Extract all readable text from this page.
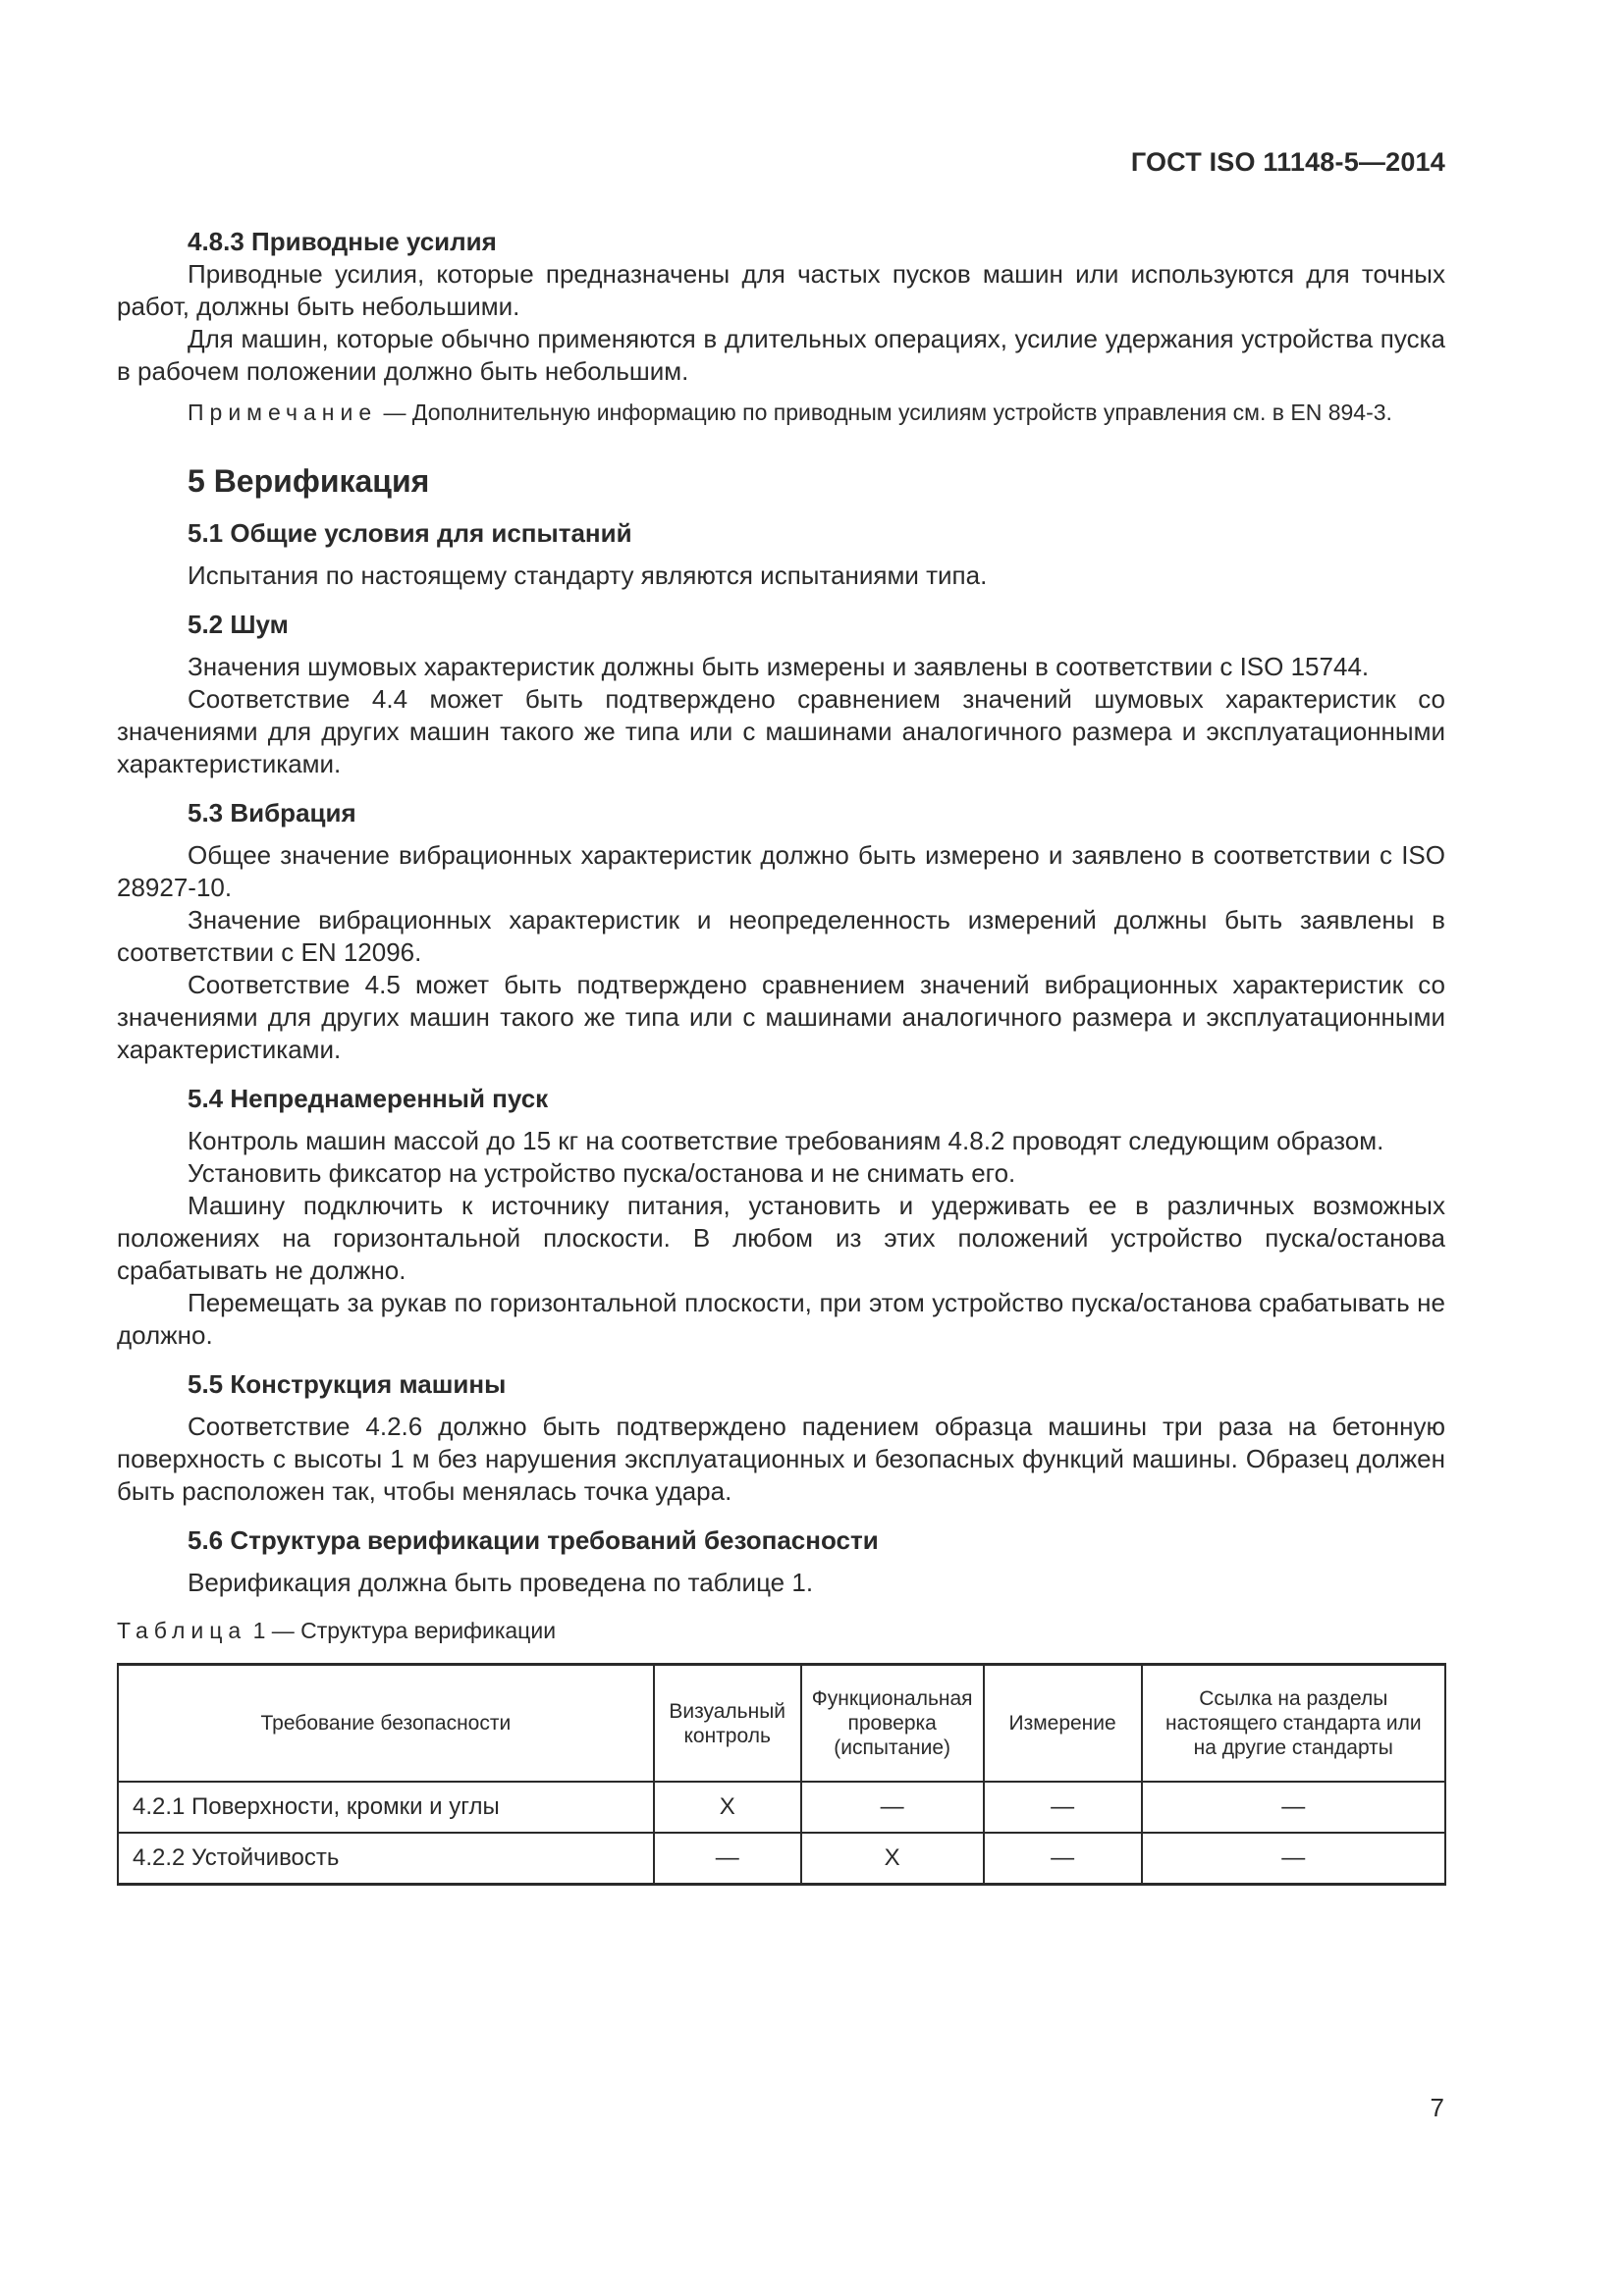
ГОСТ ISO 11148-5—2014

4.8.3 Приводные усилия

Приводные усилия, которые предназначены для частых пусков машин или используются для точных работ, должны быть небольшими.

Для машин, которые обычно применяются в длительных операциях, усилие удержания устройства пуска в рабочем положении должно быть небольшим.

Примечание — Дополнительную информацию по приводным усилиям устройств управления см. в EN 894-3.

5 Верификация

5.1 Общие условия для испытаний

Испытания по настоящему стандарту являются испытаниями типа.

5.2 Шум

Значения шумовых характеристик должны быть измерены и заявлены в соответствии с ISO 15744.

Соответствие 4.4 может быть подтверждено сравнением значений шумовых характеристик со значениями для других машин такого же типа или с машинами аналогичного размера и эксплуатационными характеристиками.

5.3 Вибрация

Общее значение вибрационных характеристик должно быть измерено и заявлено в соответствии с ISO 28927-10.

Значение вибрационных характеристик и неопределенность измерений должны быть заявлены в соответствии с EN 12096.

Соответствие 4.5 может быть подтверждено сравнением значений вибрационных характеристик со значениями для других машин такого же типа или с машинами аналогичного размера и эксплуатационными характеристиками.

5.4 Непреднамеренный пуск

Контроль машин массой до 15 кг на соответствие требованиям 4.8.2 проводят следующим образом.

Установить фиксатор на устройство пуска/останова и не снимать его.

Машину подключить к источнику питания, установить и удерживать ее в различных возможных положениях на горизонтальной плоскости. В любом из этих положений устройство пуска/останова срабатывать не должно.

Перемещать за рукав по горизонтальной плоскости, при этом устройство пуска/останова срабатывать не должно.

5.5 Конструкция машины

Соответствие 4.2.6 должно быть подтверждено падением образца машины три раза на бетонную поверхность с высоты 1 м без нарушения эксплуатационных и безопасных функций машины. Образец должен быть расположен так, чтобы менялась точка удара.

5.6 Структура верификации требований безопасности

Верификация должна быть проведена по таблице 1.

Таблица 1 — Структура верификации

Требование безопасности	Визуальный контроль	Функциональная проверка (испытание)	Измерение	Ссылка на разделы настоящего стандарта или на другие стандарты
4.2.1 Поверхности, кромки и углы	X	—	—	—
4.2.2 Устойчивость	—	X	—	—
7
